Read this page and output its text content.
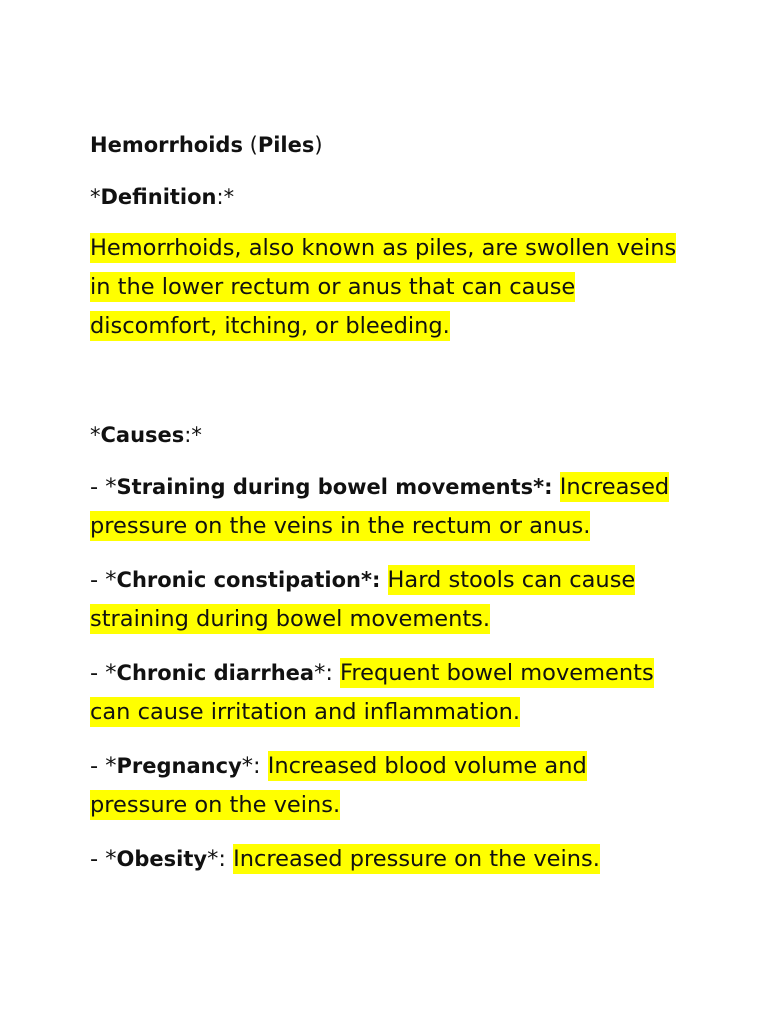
Hemorrhoids (Piles)
*Definition:*
Hemorrhoids, also known as piles, are swollen veins in the lower rectum or anus that can cause discomfort, itching, or bleeding.
*Causes:*
- *Straining during bowel movements*: Increased pressure on the veins in the rectum or anus.
- *Chronic constipation*: Hard stools can cause straining during bowel movements.
- *Chronic diarrhea*: Frequent bowel movements can cause irritation and inflammation.
- *Pregnancy*: Increased blood volume and pressure on the veins.
- *Obesity*: Increased pressure on the veins.
